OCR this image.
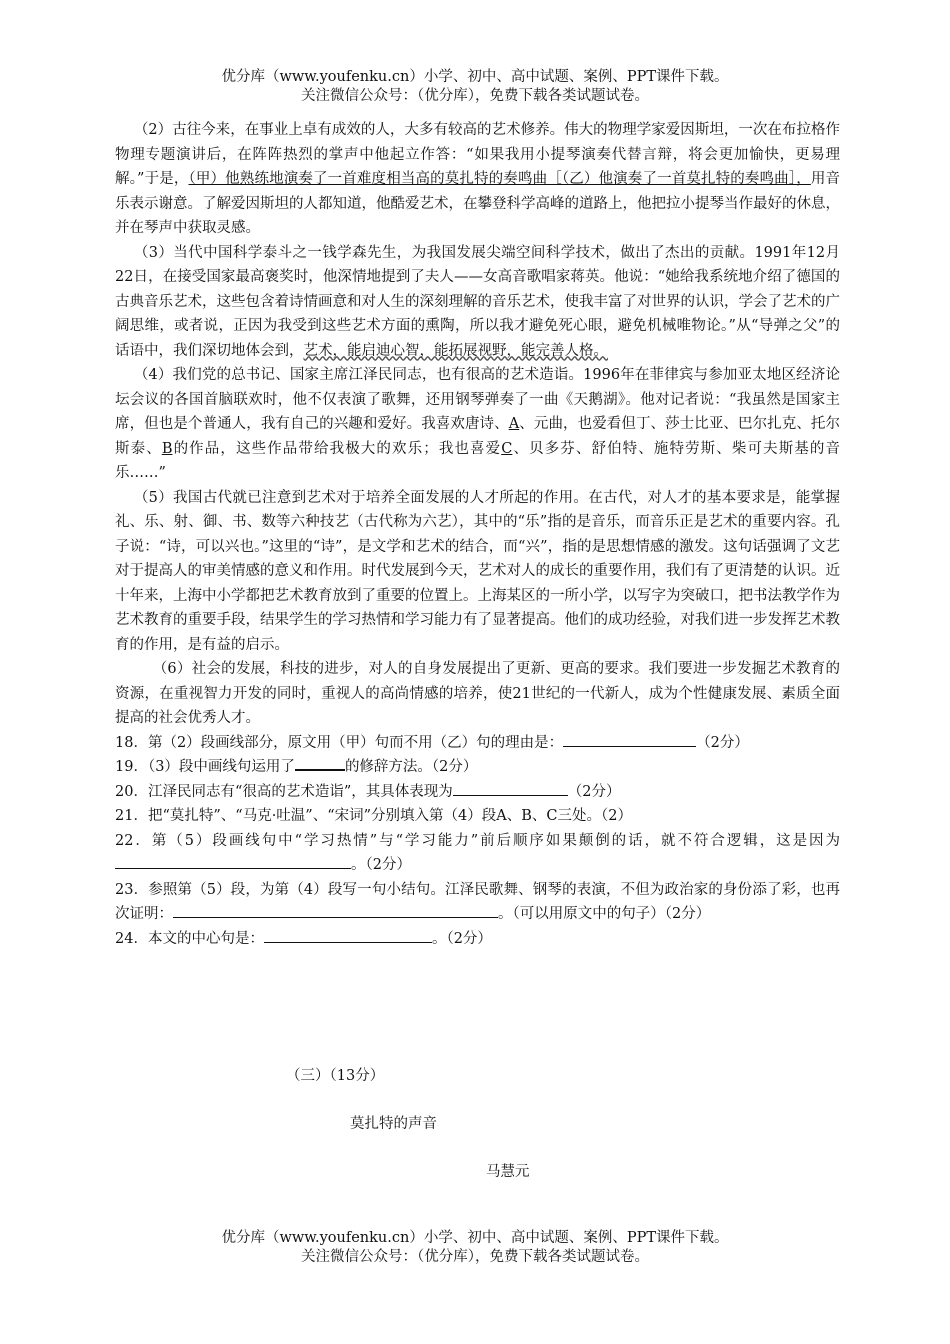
优分库（www.youfenku.cn）小学、初中、高中试题、案例、PPT课件下载。
关注微信公众号：（优分库），免费下载各类试题试卷。

（2）古往今来，在事业上卓有成效的人，大多有较高的艺术修养。伟大的物理学家爱因斯坦，一次在布拉格作物理专题演讲后，在阵阵热烈的掌声中他起立作答：“如果我用小提琴演奏代替言辩，将会更加愉快，更易理解。”于是，（甲）他熟练地演奏了一首难度相当高的莫扎特的奏鸣曲［（乙）他演奏了一首莫扎特的奏鸣曲］，用音乐表示谢意。了解爱因斯坦的人都知道，他酷爱艺术，在攀登科学高峰的道路上，他把拉小提琴当作最好的休息，并在琴声中获取灵感。

（3）当代中国科学泰斗之一钱学森先生，为我国发展尖端空间科学技术，做出了杰出的贡献。1991年12月22日，在接受国家最高褒奖时，他深情地提到了夫人——女高音歌唱家蒋英。他说：“她给我系统地介绍了德国的古典音乐艺术，这些包含着诗情画意和对人生的深刻理解的音乐艺术，使我丰富了对世界的认识，学会了艺术的广阔思维，或者说，正因为我受到这些艺术方面的熏陶，所以我才避免死心眼，避免机械唯物论。”从“导弹之父”的话语中，我们深切地体会到，艺术，能启迪心智，能拓展视野，能完善人格。

（4）我们党的总书记、国家主席江泽民同志，也有很高的艺术造诣。1996年在菲律宾与参加亚太地区经济论坛会议的各国首脑联欢时，他不仅表演了歌舞，还用钢琴弹奏了一曲《天鹅湖》。他对记者说：“我虽然是国家主席，但也是个普通人，我有自己的兴趣和爱好。我喜欢唐诗、A、元曲，也爱看但丁、莎士比亚、巴尔扎克、托尔斯泰、B的作品，这些作品带给我极大的欢乐；我也喜爱C、贝多芬、舒伯特、施特劳斯、柴可夫斯基的音乐……”

（5）我国古代就已注意到艺术对于培养全面发展的人才所起的作用。在古代，对人才的基本要求是，能掌握礼、乐、射、御、书、数等六种技艺（古代称为六艺），其中的“乐”指的是音乐，而音乐正是艺术的重要内容。孔子说：“诗，可以兴也。”这里的“诗”，是文学和艺术的结合，而“兴”，指的是思想情感的激发。这句话强调了文艺对于提高人的审美情感的意义和作用。时代发展到今天，艺术对人的成长的重要作用，我们有了更清楚的认识。近十年来，上海中小学都把艺术教育放到了重要的位置上。上海某区的一所小学，以写字为突破口，把书法教学作为艺术教育的重要手段，结果学生的学习热情和学习能力有了显著提高。他们的成功经验，对我们进一步发挥艺术教育的作用，是有益的启示。

（6）社会的发展，科技的进步，对人的自身发展提出了更新、更高的要求。我们要进一步发掘艺术教育的资源，在重视智力开发的同时，重视人的高尚情感的培养，使21世纪的一代新人，成为个性健康发展、素质全面提高的社会优秀人才。

18．第（2）段画线部分，原文用（甲）句而不用（乙）句的理由是：	（2分）

19．（3）段中画线句运用了	的修辞方法。（2分）

20．江泽民同志有“很高的艺术造诣”，其具体表现为	（2分）

21．把“莫扎特”、“马克·吐温”、“宋词”分别填入第（4）段A、B、C三处。（2）

22．第（5）段画线句中“学习热情”与“学习能力”前后顺序如果颠倒的话，就不符合逻辑，这是因为。（2分）

23．参照第（5）段，为第（4）段写一句小结句。江泽民歌舞、钢琴的表演，不但为政治家的身份添了彩，也再次证明：	。（可以用原文中的句子）（2分）

24．本文的中心句是：	。（2分）

（三）（13分）
莫扎特的声音
马慧元
优分库（www.youfenku.cn）小学、初中、高中试题、案例、PPT课件下载。
关注微信公众号：（优分库），免费下载各类试题试卷。
